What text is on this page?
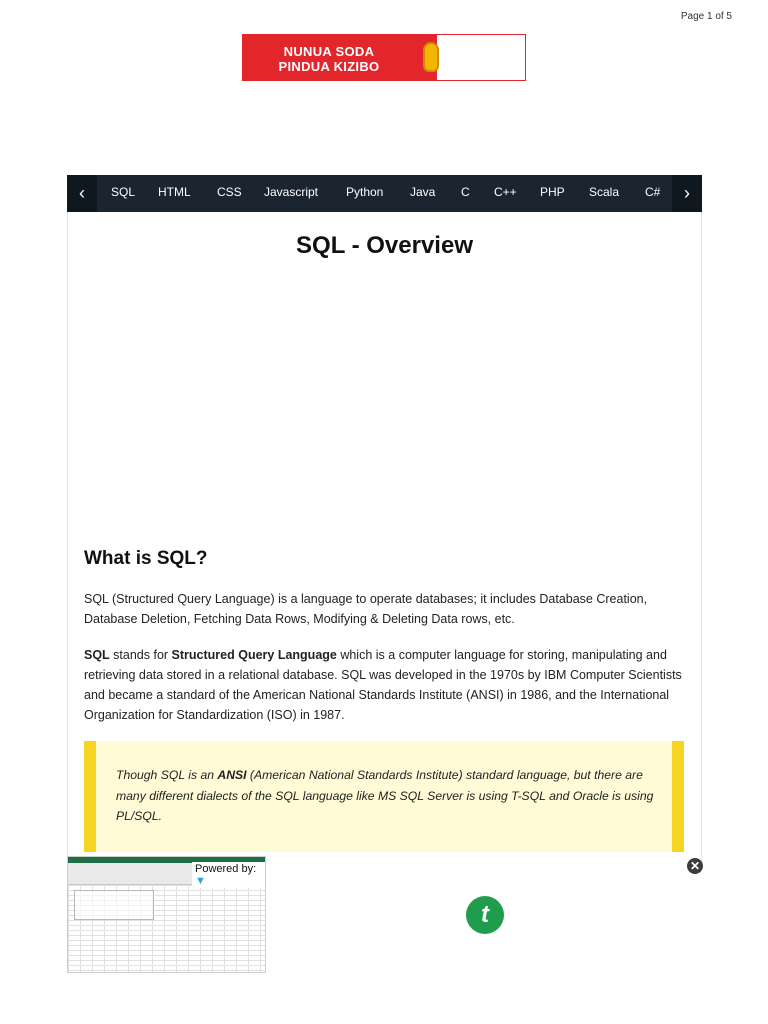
Page 1 of 5
NUNUA SODA
PINDUA KIZIBO
‹	SQL HTML CSS Javascript Python Java C C++ PHP Scala C#	›
SQL - Overview
What is SQL?

SQL (Structured Query Language) is a language to operate databases; it includes Database Creation, Database Deletion, Fetching Data Rows, Modifying & Deleting Data rows, etc.

SQL stands for Structured Query Language which is a computer language for storing, manipulating and retrieving data stored in a relational database. SQL was developed in the 1970s by IBM Computer Scientists and became a standard of the American National Standards Institute (ANSI) in 1986, and the International Organization for Standardization (ISO) in 1987.

Though SQL is an ANSI (American National Standards Institute) standard language, but there are many different dialects of the SQL language like MS SQL Server is using T-SQL and Oracle is using PL/SQL.

Powered by: ▼
✕
t
